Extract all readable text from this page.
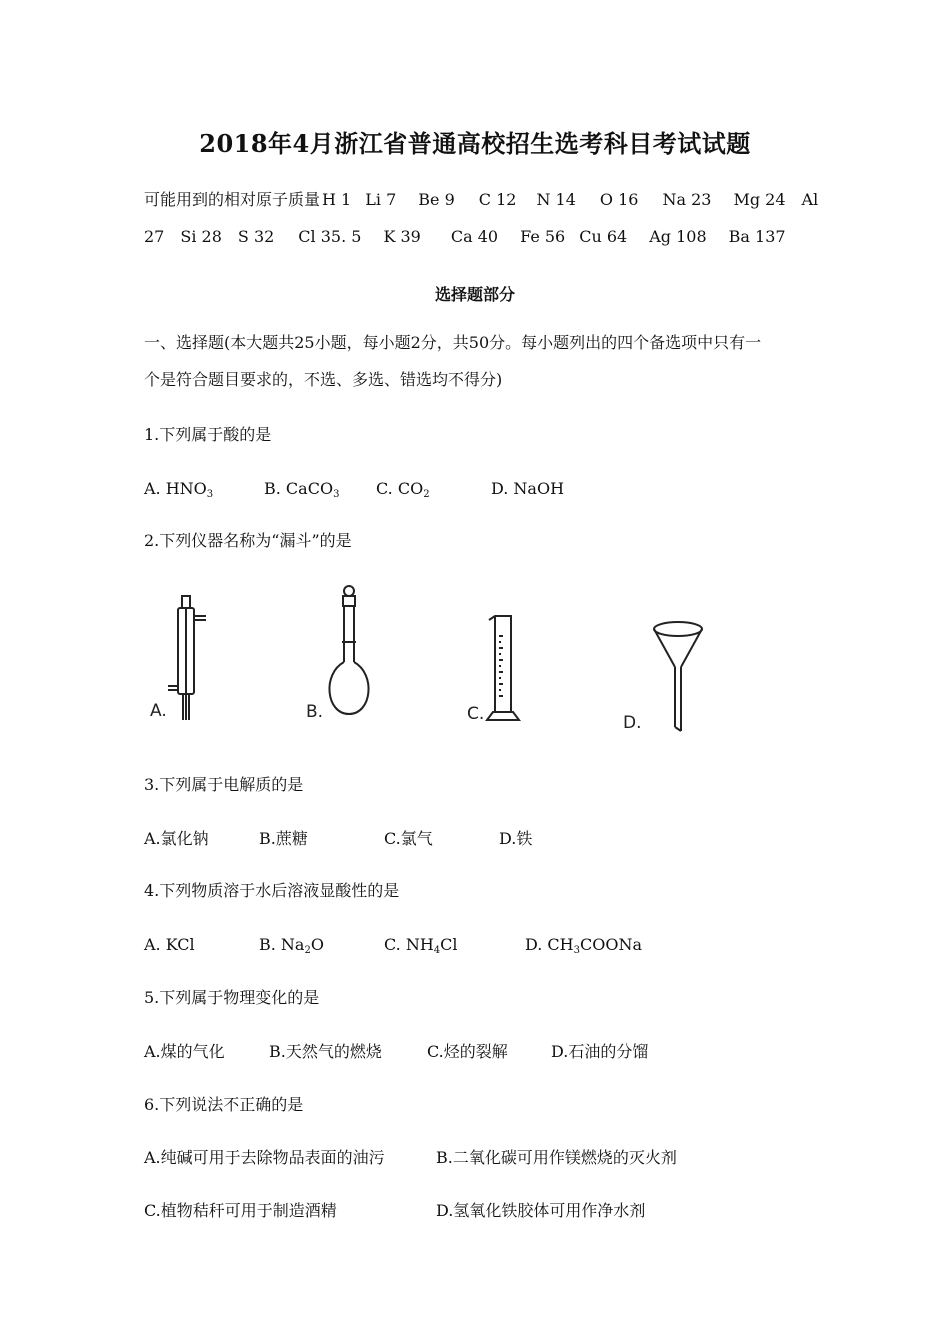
2018年4月浙江省普通高校招生选考科目考试试题
可能用到的相对原子质量 H 1 Li 7 Be 9 C 12 N 14 O 16 Na 23 Mg 24 Al
27 Si 28 S 32 Cl 35. 5 K 39 Ca 40 Fe 56 Cu 64 Ag 108 Ba 137
选择题部分
一、选择题(本大题共25小题，每小题2分，共50分。每小题列出的四个备选项中只有一
个是符合题目要求的，不选、多选、错选均不得分)
1.下列属于酸的是
A. $HNO_3$	B. CaCO$_3$ C. $CO_2$	D. NaOH
2.下列仪器名称为“漏斗”的是
A.	B.	C.	D.
3.下列属于电解质的是
A.氯化钠	B.蔗糖	C.氯气	D.铁
4.下列物质溶于水后溶液显酸性的是
A. KCl	B. $Na_2O$	C. $NH_4Cl$	D. $CH_3COONa$
5.下列属于物理变化的是
A.煤的气化	B.天然气的燃烧	C.烃的裂解	D.石油的分馏
6.下列说法不正确的是
A.纯碱可用于去除物品表面的油污	B.二氧化碳可用作镁燃烧的灭火剂
C.植物秸秆可用于制造酒精	D.氢氧化铁胶体可用作净水剂
